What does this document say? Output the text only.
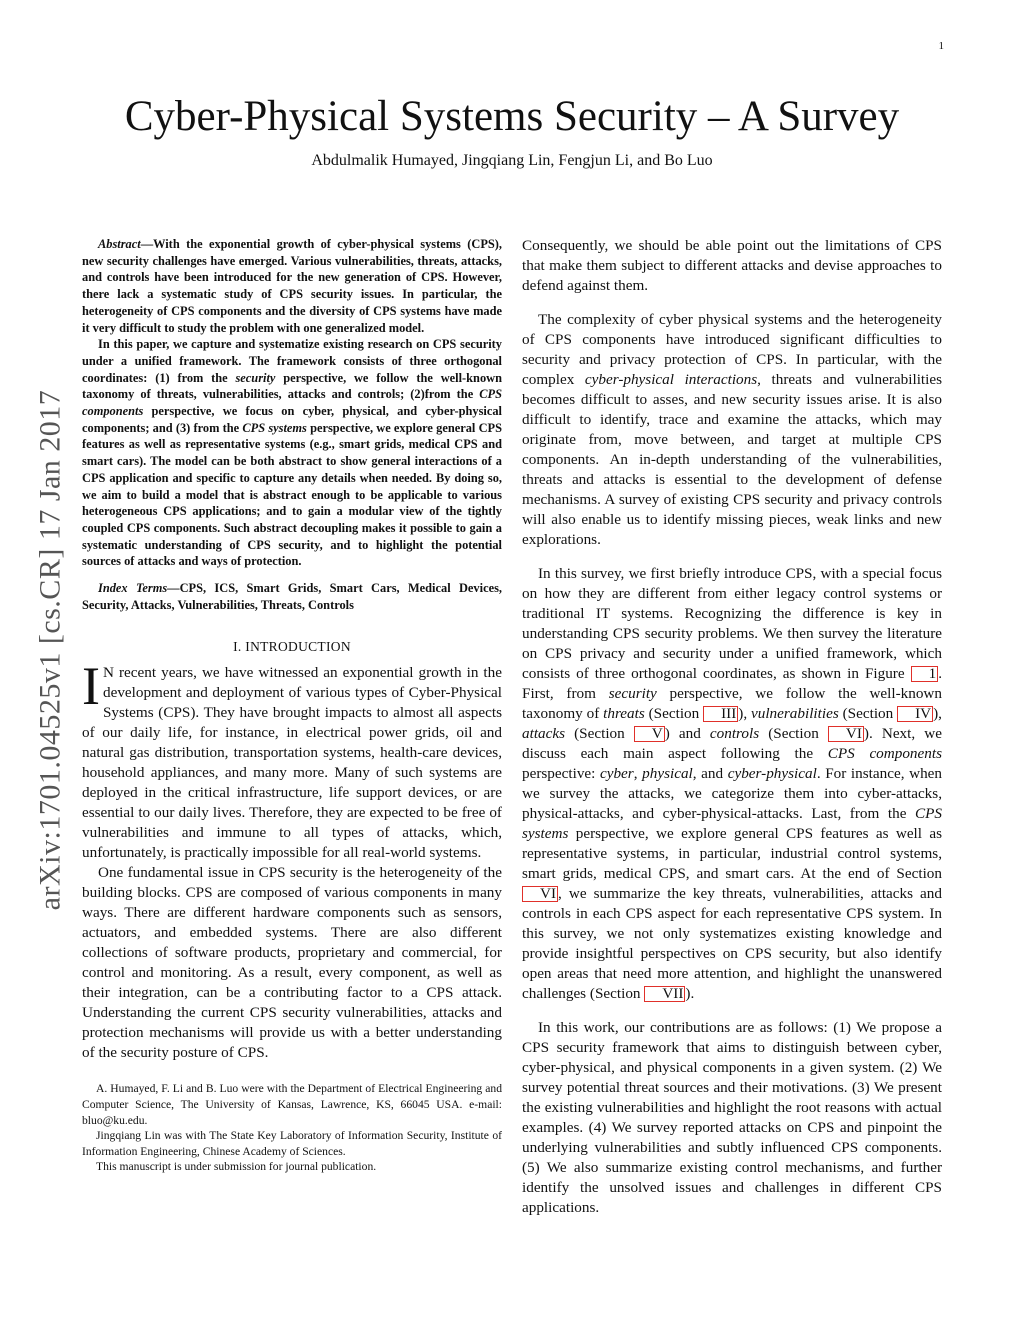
1
arXiv:1701.04525v1 [cs.CR] 17 Jan 2017
Cyber-Physical Systems Security – A Survey
Abdulmalik Humayed, Jingqiang Lin, Fengjun Li, and Bo Luo

Abstract—With the exponential growth of cyber-physical systems (CPS), new security challenges have emerged. Various vulnerabilities, threats, attacks, and controls have been introduced for the new generation of CPS. However, there lack a systematic study of CPS security issues. In particular, the heterogeneity of CPS components and the diversity of CPS systems have made it very difficult to study the problem with one generalized model.

In this paper, we capture and systematize existing research on CPS security under a unified framework. The framework consists of three orthogonal coordinates: (1) from the security perspective, we follow the well-known taxonomy of threats, vulnerabilities, attacks and controls; (2)from the CPS components perspective, we focus on cyber, physical, and cyber-physical components; and (3) from the CPS systems perspective, we explore general CPS features as well as representative systems (e.g., smart grids, medical CPS and smart cars). The model can be both abstract to show general interactions of a CPS application and specific to capture any details when needed. By doing so, we aim to build a model that is abstract enough to be applicable to various heterogeneous CPS applications; and to gain a modular view of the tightly coupled CPS components. Such abstract decoupling makes it possible to gain a systematic understanding of CPS security, and to highlight the potential sources of attacks and ways of protection.

Index Terms—CPS, ICS, Smart Grids, Smart Cars, Medical Devices, Security, Attacks, Vulnerabilities, Threats, Controls

I. INTRODUCTION

I N recent years, we have witnessed an exponential growth in the development and deployment of various types of Cyber-Physical Systems (CPS). They have brought impacts to almost all aspects of our daily life, for instance, in electrical power grids, oil and natural gas distribution, transportation systems, health-care devices, household appliances, and many more. Many of such systems are deployed in the critical infrastructure, life support devices, or are essential to our daily lives. Therefore, they are expected to be free of vulnerabilities and immune to all types of attacks, which, unfortunately, is practically impossible for all real-world systems.

One fundamental issue in CPS security is the heterogeneity of the building blocks. CPS are composed of various components in many ways. There are different hardware components such as sensors, actuators, and embedded systems. There are also different collections of software products, proprietary and commercial, for control and monitoring. As a result, every component, as well as their integration, can be a contributing factor to a CPS attack. Understanding the current CPS security vulnerabilities, attacks and protection mechanisms will provide us with a better understanding of the security posture of CPS.

A. Humayed, F. Li and B. Luo were with the Department of Electrical Engineering and Computer Science, The University of Kansas, Lawrence, KS, 66045 USA. e-mail: bluo@ku.edu.

Jingqiang Lin was with The State Key Laboratory of Information Security, Institute of Information Engineering, Chinese Academy of Sciences.

This manuscript is under submission for journal publication.

Consequently, we should be able point out the limitations of CPS that make them subject to different attacks and devise approaches to defend against them.

The complexity of cyber physical systems and the heterogeneity of CPS components have introduced significant difficulties to security and privacy protection of CPS. In particular, with the complex cyber-physical interactions, threats and vulnerabilities becomes difficult to asses, and new security issues arise. It is also difficult to identify, trace and examine the attacks, which may originate from, move between, and target at multiple CPS components. An in-depth understanding of the vulnerabilities, threats and attacks is essential to the development of defense mechanisms. A survey of existing CPS security and privacy controls will also enable us to identify missing pieces, weak links and new explorations.

In this survey, we first briefly introduce CPS, with a special focus on how they are different from either legacy control systems or traditional IT systems. Recognizing the difference is key in understanding CPS security problems. We then survey the literature on CPS privacy and security under a unified framework, which consists of three orthogonal coordinates, as shown in Figure 1 . First, from security perspective, we follow the well-known taxonomy of threats (Section III ), vulnerabilities (Section IV ), attacks (Section V ) and controls (Section VI ). Next, we discuss each main aspect following the CPS components perspective: cyber, physical, and cyber-physical. For instance, when we survey the attacks, we categorize them into cyber-attacks, physical-attacks, and cyber-physical-attacks. Last, from the CPS systems perspective, we explore general CPS features as well as representative systems, in particular, industrial control systems, smart grids, medical CPS, and smart cars. At the end of Section VI , we summarize the key threats, vulnerabilities, attacks and controls in each CPS aspect for each representative CPS system. In this survey, we not only systematizes existing knowledge and provide insightful perspectives on CPS security, but also identify open areas that need more attention, and highlight the unanswered challenges (Section VII ).

In this work, our contributions are as follows: (1) We propose a CPS security framework that aims to distinguish between cyber, cyber-physical, and physical components in a given system. (2) We survey potential threat sources and their motivations. (3) We present the existing vulnerabilities and highlight the root reasons with actual examples. (4) We survey reported attacks on CPS and pinpoint the underlying vulnerabilities and subtly influenced CPS components. (5) We also summarize existing control mechanisms, and further identify the unsolved issues and challenges in different CPS applications.
